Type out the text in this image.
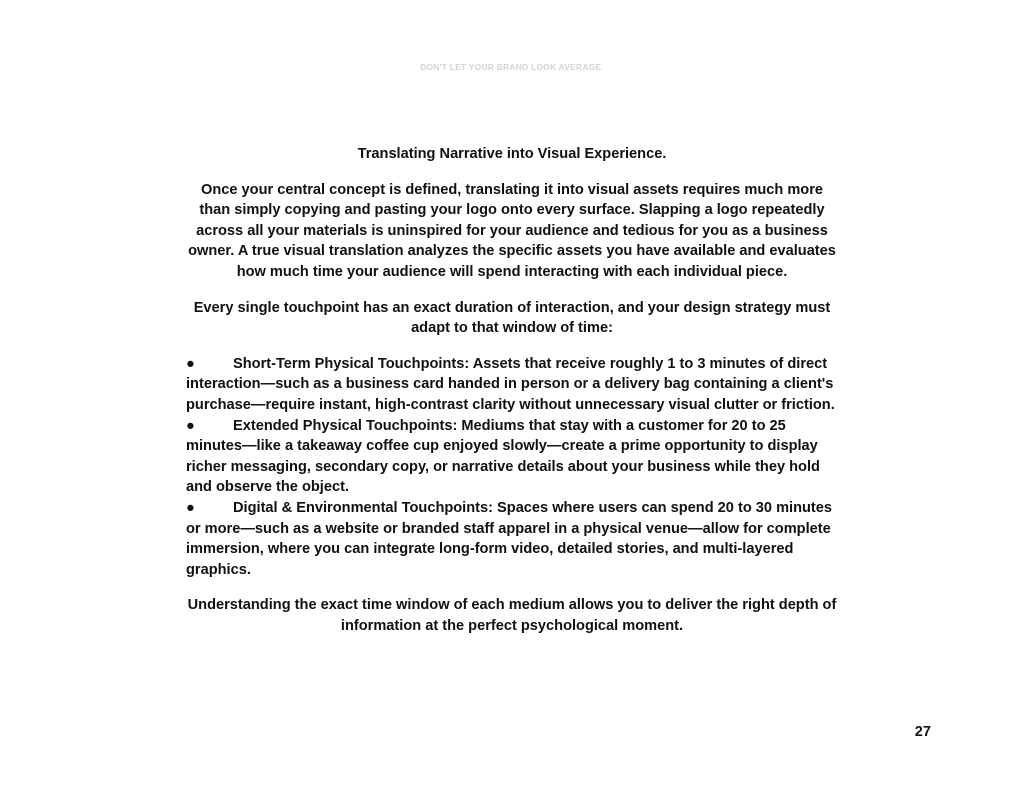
DON'T LET YOUR BRAND LOOK AVERAGE.
Translating Narrative into Visual Experience.
Once your central concept is defined, translating it into visual assets requires much more than simply copying and pasting your logo onto every surface. Slapping a logo repeatedly across all your materials is uninspired for your audience and tedious for you as a business owner. A true visual translation analyzes the specific assets you have available and evaluates how much time your audience will spend interacting with each individual piece.
Every single touchpoint has an exact duration of interaction, and your design strategy must adapt to that window of time:
●	Short-Term Physical Touchpoints: Assets that receive roughly 1 to 3 minutes of direct interaction—such as a business card handed in person or a delivery bag containing a client's purchase—require instant, high-contrast clarity without unnecessary visual clutter or friction.
●	Extended Physical Touchpoints: Mediums that stay with a customer for 20 to 25 minutes—like a takeaway coffee cup enjoyed slowly—create a prime opportunity to display richer messaging, secondary copy, or narrative details about your business while they hold and observe the object.
●	Digital & Environmental Touchpoints: Spaces where users can spend 20 to 30 minutes or more—such as a website or branded staff apparel in a physical venue—allow for complete immersion, where you can integrate long-form video, detailed stories, and multi-layered graphics.
Understanding the exact time window of each medium allows you to deliver the right depth of information at the perfect psychological moment.
27
